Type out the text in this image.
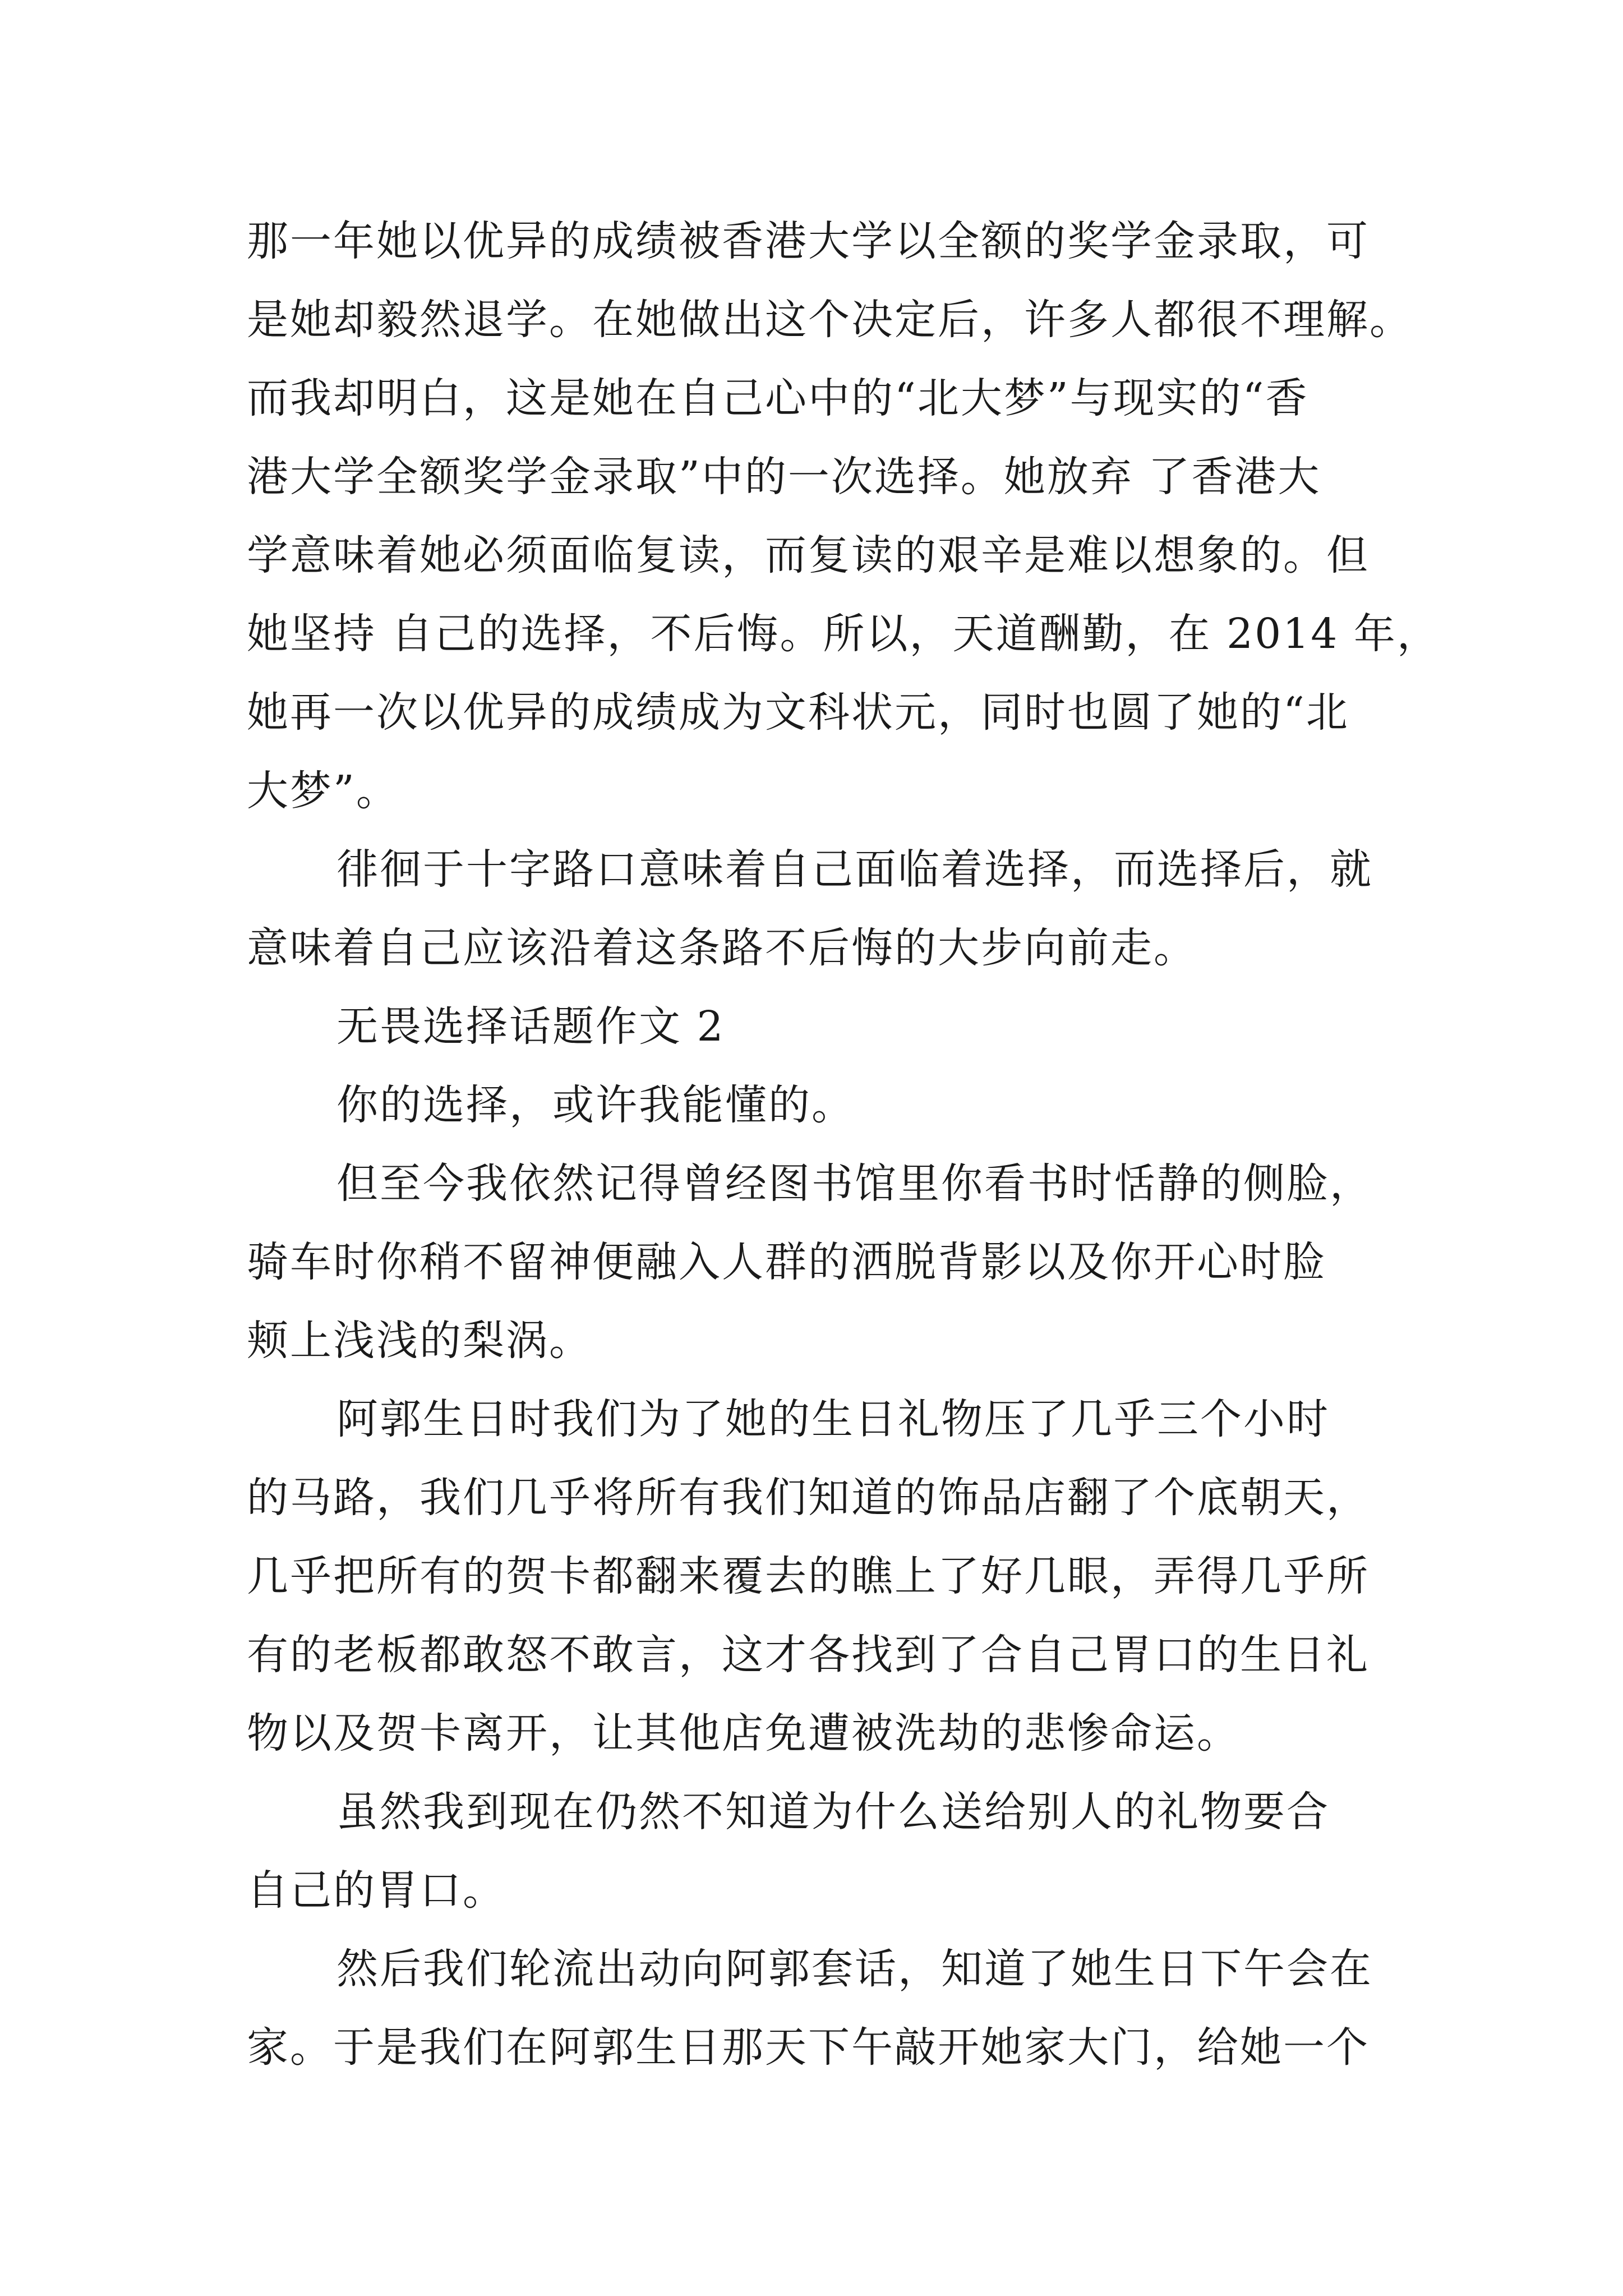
那一年她以优异的成绩被香港大学以全额的奖学金录取，可
是她却毅然退学。在她做出这个决定后，许多人都很不理解。
而我却明白，这是她在自己心中的“北大梦”与现实的“香
港大学全额奖学金录取”中的一次选择。她放弃 了香港大
学意味着她必须面临复读，而复读的艰辛是难以想象的。但
她坚持 自己的选择，不后悔。所以，天道酬勤，在 2014 年，
她再一次以优异的成绩成为文科状元，同时也圆了她的“北
大梦”。
徘徊于十字路口意味着自己面临着选择，而选择后，就
意味着自己应该沿着这条路不后悔的大步向前走。
无畏选择话题作文 2
你的选择，或许我能懂的。
但至今我依然记得曾经图书馆里你看书时恬静的侧脸，
骑车时你稍不留神便融入人群的洒脱背影以及你开心时脸
颊上浅浅的梨涡。
阿郭生日时我们为了她的生日礼物压了几乎三个小时
的马路，我们几乎将所有我们知道的饰品店翻了个底朝天，
几乎把所有的贺卡都翻来覆去的瞧上了好几眼，弄得几乎所
有的老板都敢怒不敢言，这才各找到了合自己胃口的生日礼
物以及贺卡离开，让其他店免遭被洗劫的悲惨命运。
虽然我到现在仍然不知道为什么送给别人的礼物要合
自己的胃口。
然后我们轮流出动向阿郭套话，知道了她生日下午会在
家。于是我们在阿郭生日那天下午敲开她家大门，给她一个
